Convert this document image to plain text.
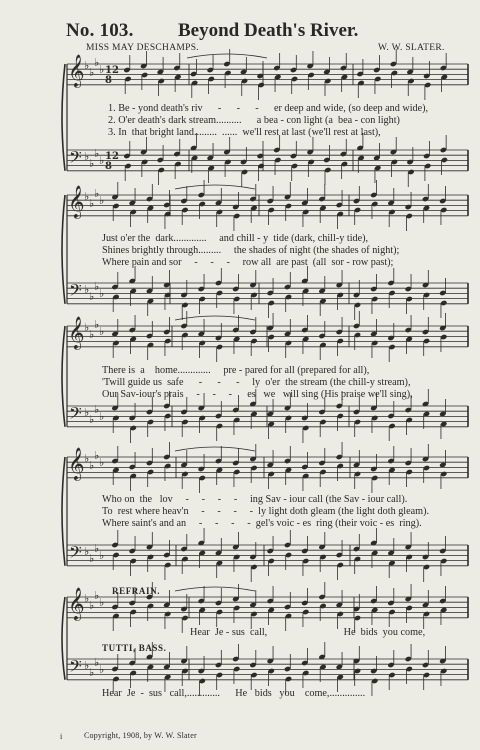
No. 103. Beyond Death's River.
MISS MAY DESCHAMPS.	W. W. SLATER.
𝄞
𝄢
♭
♭
♭
♭
♭
♭
♭
♭
12
12
8
8
𝄞
𝄢
♭
♭
♭
♭
♭
♭
♭
♭
𝄞
𝄢
♭
♭
♭
♭
♭
♭
♭
♭
𝄞
𝄢
♭
♭
♭
♭
♭
♭
♭
♭
𝄞
𝄢
♭
♭
♭
♭
♭
♭
♭
♭
1. Be - yond death's riv      -      -      -      er deep and wide, (so deep and wide),
2. O'er death's dark stream..........      a bea - con light (a  bea - con light)
3. In  that bright land.........  ......  we'll rest at last (we'll rest at last),
Just o'er the  dark.............     and chill - y  tide (dark, chill-y tide),
Shines brightly through.........     the shades of night (the shades of night);
Where pain and sor     -     -     -     row all  are past  (all  sor - row past);
There is  a    home.............     pre - pared for all (prepared for all),
'Twill guide us  safe      -      -      -     ly  o'er  the stream (the chill-y stream),
Our Sav-iour's prais     -     -     -      es   we   will sing (His praise we'll sing),
Who on  the   lov     -     -     -     -     ing Sav - iour call (the Sav - iour call).
To  rest where heav'n     -     -     -     -  ly light doth gleam (the light doth gleam).
Where saint's and an     -     -     -     -  gel's voic - es  ring (their voic - es  ring).
REFRAIN.
Hear  Je - sus  call,                              He  bids  you come,
TUTTI, BASS.
Hear  Je  -  sus   call,.............      He   bids   you    come,..............
i	Copyright, 1908, by W. W. Slater
